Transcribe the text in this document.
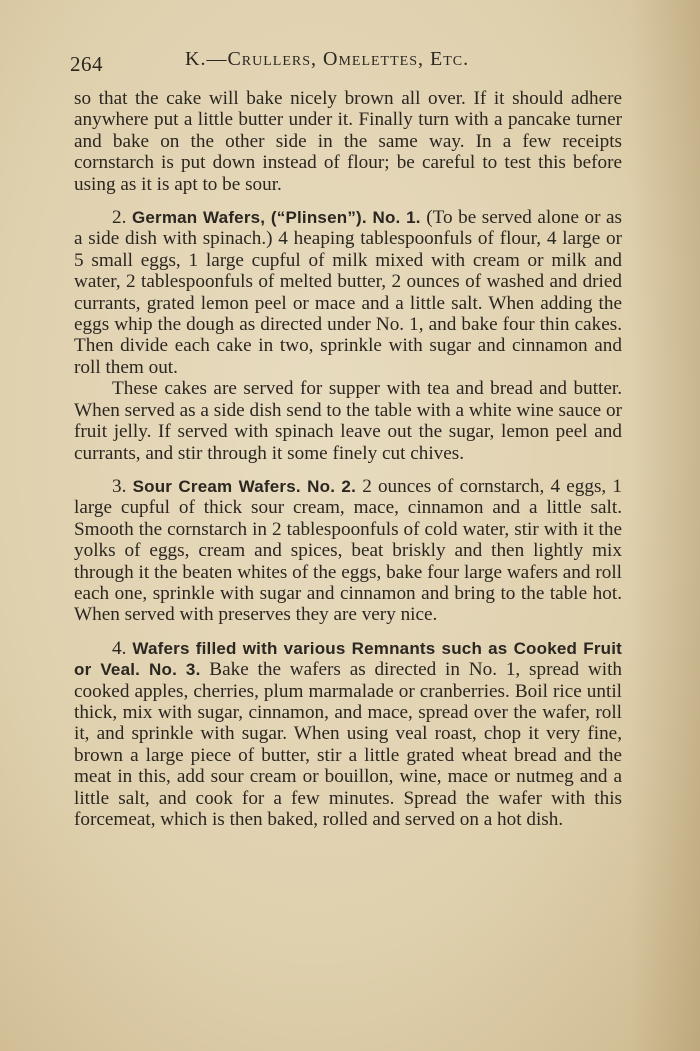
264	K.—Crullers, Omelettes, Etc.

so that the cake will bake nicely brown all over. If it should adhere anywhere put a little butter under it. Finally turn with a pancake turner and bake on the other side in the same way. In a few receipts cornstarch is put down instead of flour; be careful to test this before using as it is apt to be sour.

2. German Wafers, (“Plinsen”). No. 1. (To be served alone or as a side dish with spinach.) 4 heaping tablespoonfuls of flour, 4 large or 5 small eggs, 1 large cupful of milk mixed with cream or milk and water, 2 tablespoonfuls of melted butter, 2 ounces of washed and dried currants, grated lemon peel or mace and a little salt. When adding the eggs whip the dough as directed under No. 1, and bake four thin cakes. Then divide each cake in two, sprinkle with sugar and cinnamon and roll them out.

These cakes are served for supper with tea and bread and butter. When served as a side dish send to the table with a white wine sauce or fruit jelly. If served with spinach leave out the sugar, lemon peel and currants, and stir through it some finely cut chives.

3. Sour Cream Wafers. No. 2. 2 ounces of cornstarch, 4 eggs, 1 large cupful of thick sour cream, mace, cinnamon and a little salt. Smooth the cornstarch in 2 tablespoonfuls of cold water, stir with it the yolks of eggs, cream and spices, beat briskly and then lightly mix through it the beaten whites of the eggs, bake four large wafers and roll each one, sprinkle with sugar and cinnamon and bring to the table hot. When served with preserves they are very nice.

4. Wafers filled with various Remnants such as Cooked Fruit or Veal. No. 3. Bake the wafers as directed in No. 1, spread with cooked apples, cherries, plum marmalade or cranberries. Boil rice until thick, mix with sugar, cinnamon, and mace, spread over the wafer, roll it, and sprinkle with sugar. When using veal roast, chop it very fine, brown a large piece of butter, stir a little grated wheat bread and the meat in this, add sour cream or bouillon, wine, mace or nutmeg and a little salt, and cook for a few minutes. Spread the wafer with this forcemeat, which is then baked, rolled and served on a hot dish.
